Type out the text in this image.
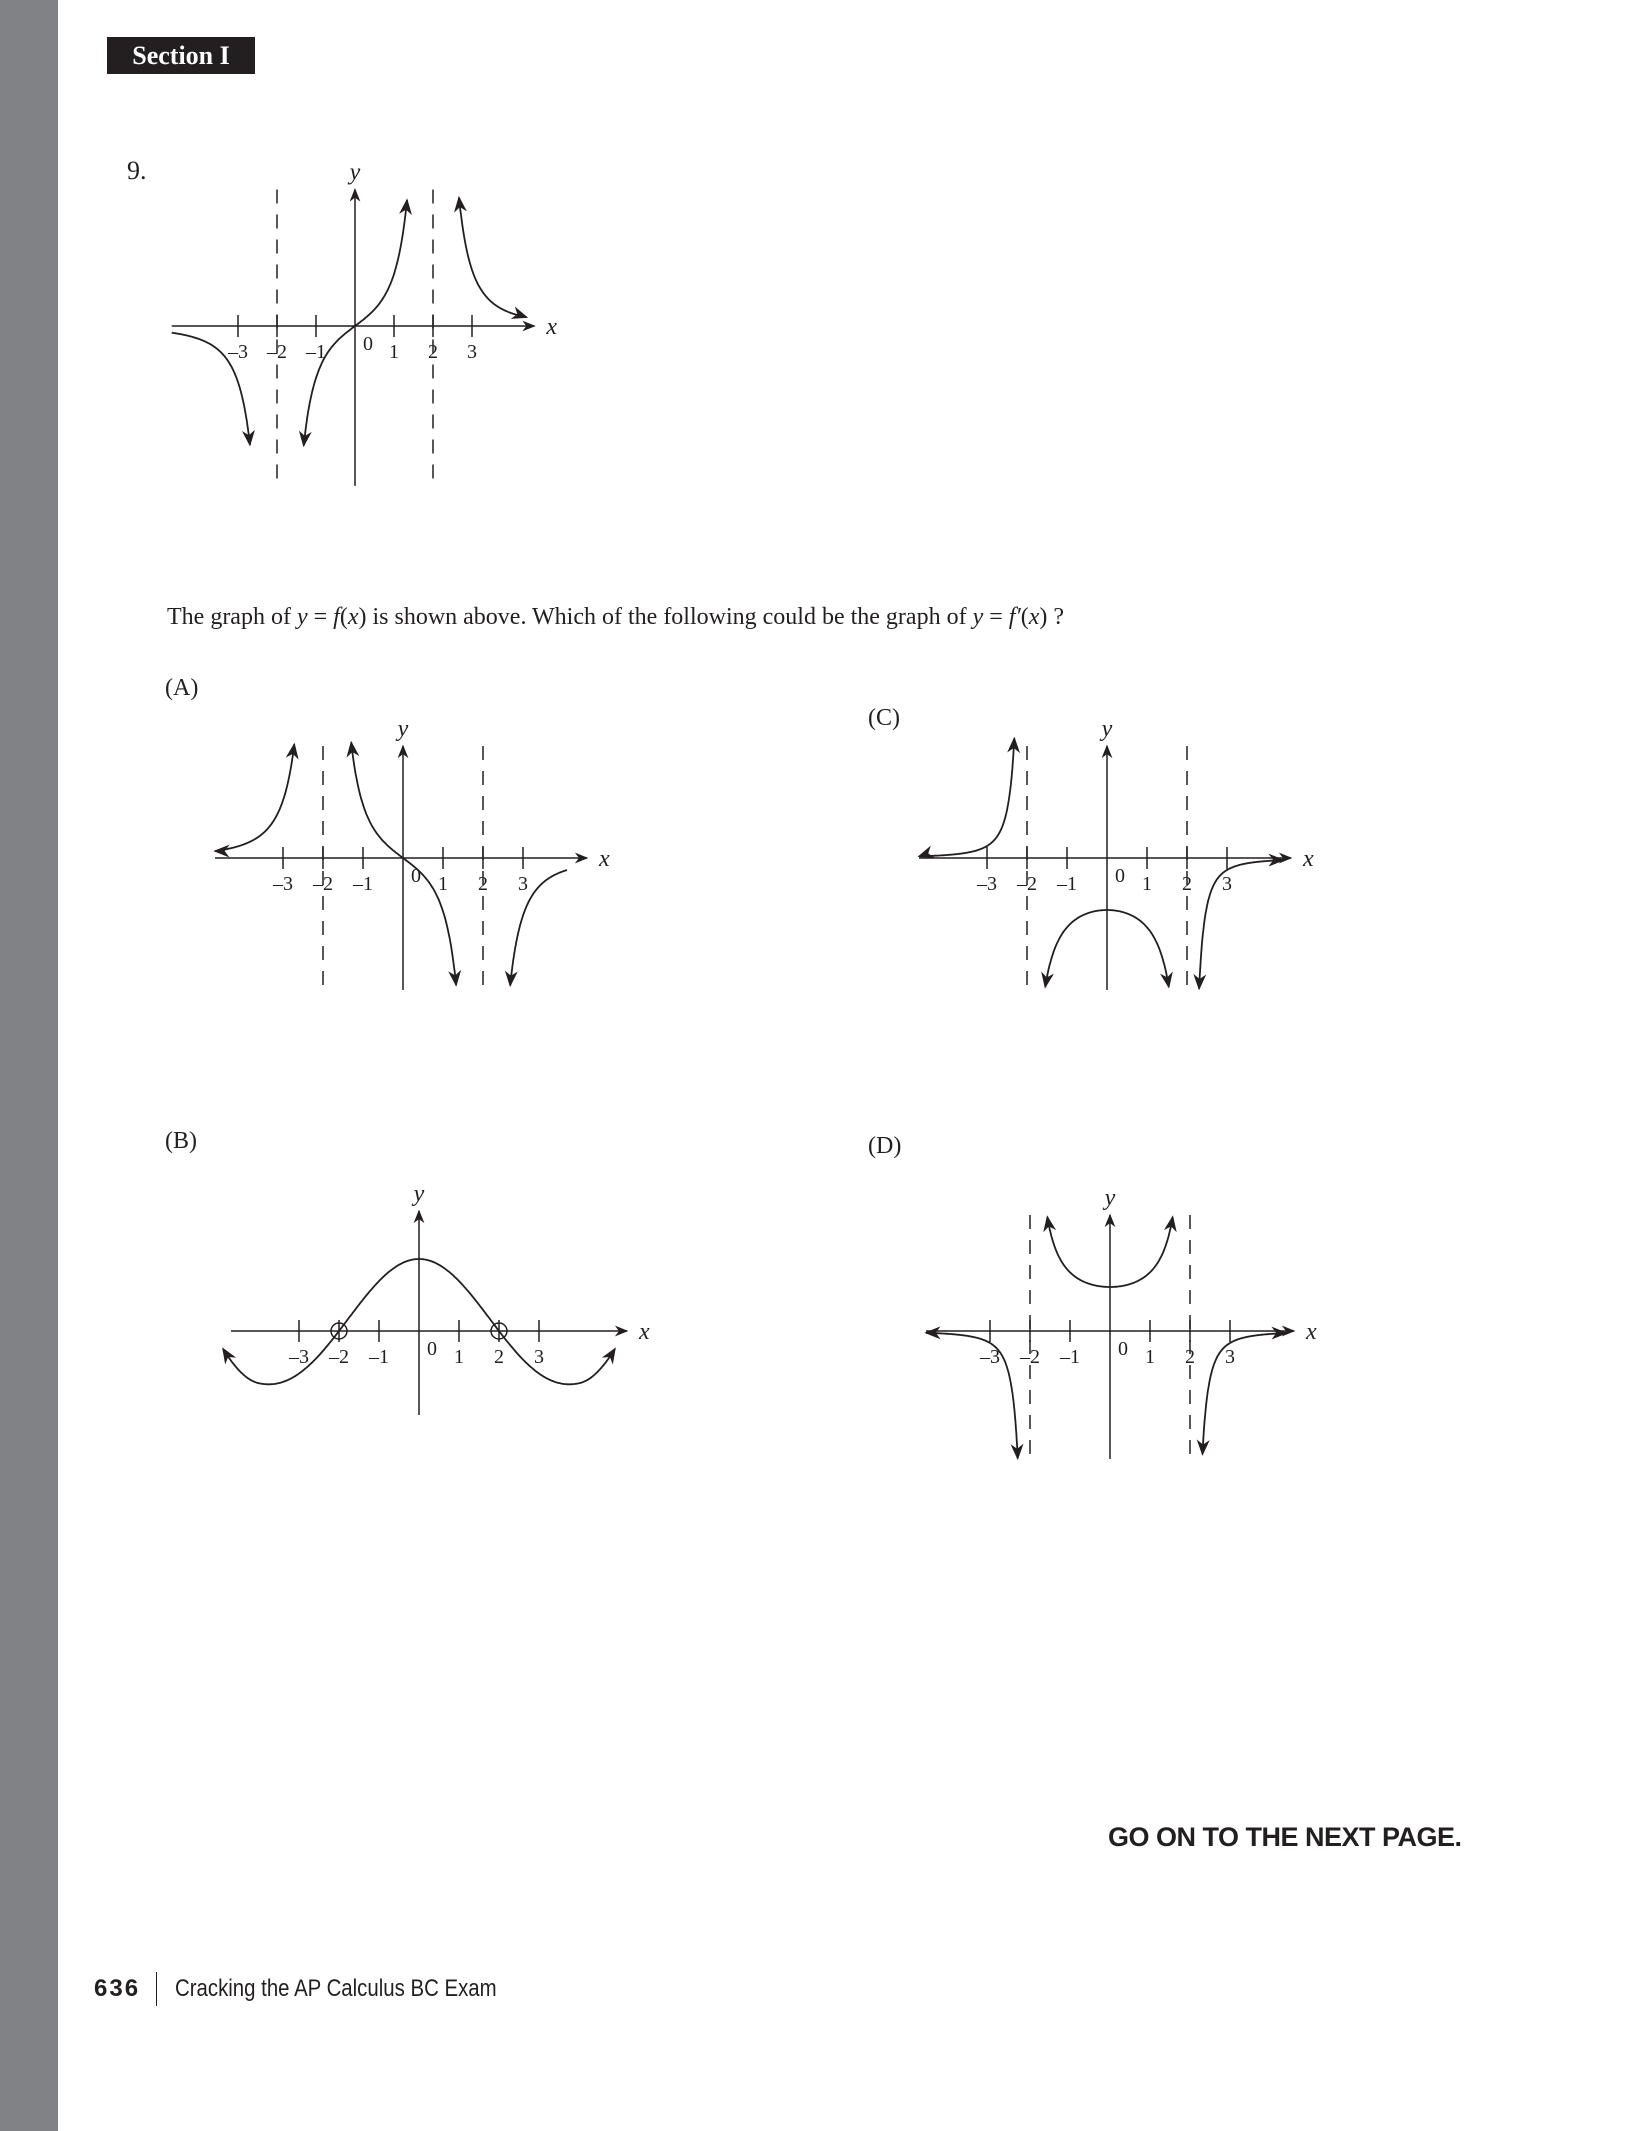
Section I
9.
The graph of y = f(x) is shown above. Which of the following could be the graph of y = f′(x) ?
(A)
(C)
(B)	(D)
–3 –2 –1	1 2 3
0
x
y
–3 –2 –1	1 2 3
0
x
y
–3 –2 –1	1 2 3
0
x
y
–3 –2 –1	1 2 3
0
x
y
–3 –2 –1	1 2 3
0
x
y
GO ON TO THE NEXT PAGE.
636 Cracking the AP Calculus BC Exam
